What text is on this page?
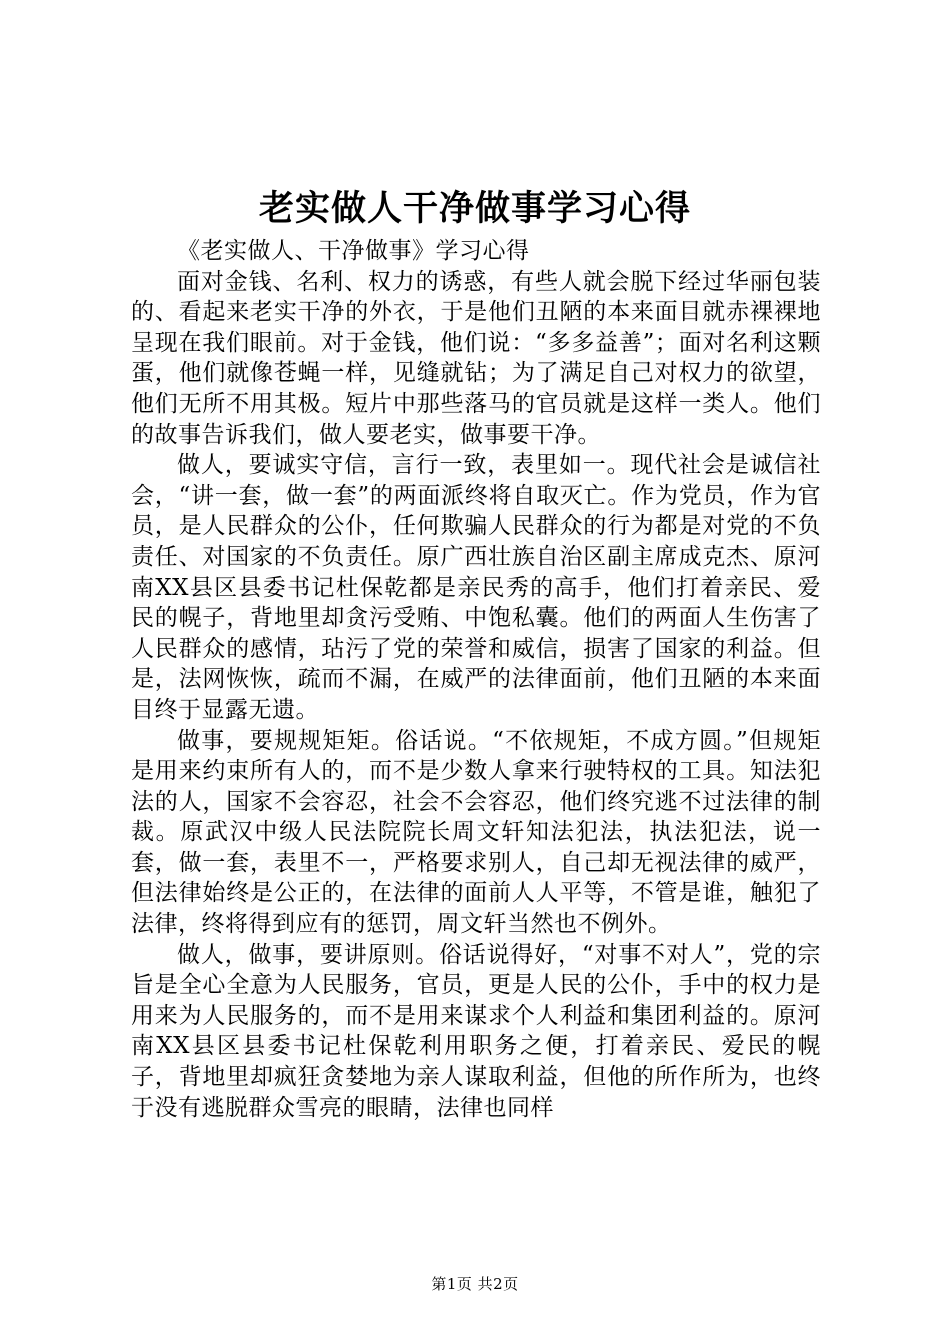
老实做人干净做事学习心得

《老实做人、干净做事》学习心得

面对金钱、名利、权力的诱惑，有些人就会脱下经过华丽包装的、看起来老实干净的外衣，于是他们丑陋的本来面目就赤裸裸地呈现在我们眼前。对于金钱，他们说：“多多益善”；面对名利这颗蛋，他们就像苍蝇一样，见缝就钻；为了满足自己对权力的欲望，他们无所不用其极。短片中那些落马的官员就是这样一类人。他们的故事告诉我们，做人要老实，做事要干净。

做人，要诚实守信，言行一致，表里如一。现代社会是诚信社会，“讲一套，做一套”的两面派终将自取灭亡。作为党员，作为官员，是人民群众的公仆，任何欺骗人民群众的行为都是对党的不负责任、对国家的不负责任。原广西壮族自治区副主席成克杰、原河南XX县区县委书记杜保乾都是亲民秀的高手，他们打着亲民、爱民的幌子，背地里却贪污受贿、中饱私囊。他们的两面人生伤害了人民群众的感情，玷污了党的荣誉和威信，损害了国家的利益。但是，法网恢恢，疏而不漏，在威严的法律面前，他们丑陋的本来面目终于显露无遗。

做事，要规规矩矩。俗话说。“不依规矩，不成方圆。”但规矩是用来约束所有人的，而不是少数人拿来行驶特权的工具。知法犯法的人，国家不会容忍，社会不会容忍，他们终究逃不过法律的制裁。原武汉中级人民法院院长周文轩知法犯法，执法犯法，说一套，做一套，表里不一，严格要求别人，自己却无视法律的威严，但法律始终是公正的，在法律的面前人人平等，不管是谁，触犯了法律，终将得到应有的惩罚，周文轩当然也不例外。

做人，做事，要讲原则。俗话说得好，“对事不对人”，党的宗旨是全心全意为人民服务，官员，更是人民的公仆，手中的权力是用来为人民服务的，而不是用来谋求个人利益和集团利益的。原河南XX县区县委书记杜保乾利用职务之便，打着亲民、爱民的幌子，背地里却疯狂贪婪地为亲人谋取利益，但他的所作所为，也终于没有逃脱群众雪亮的眼睛，法律也同样

第1页 共2页
